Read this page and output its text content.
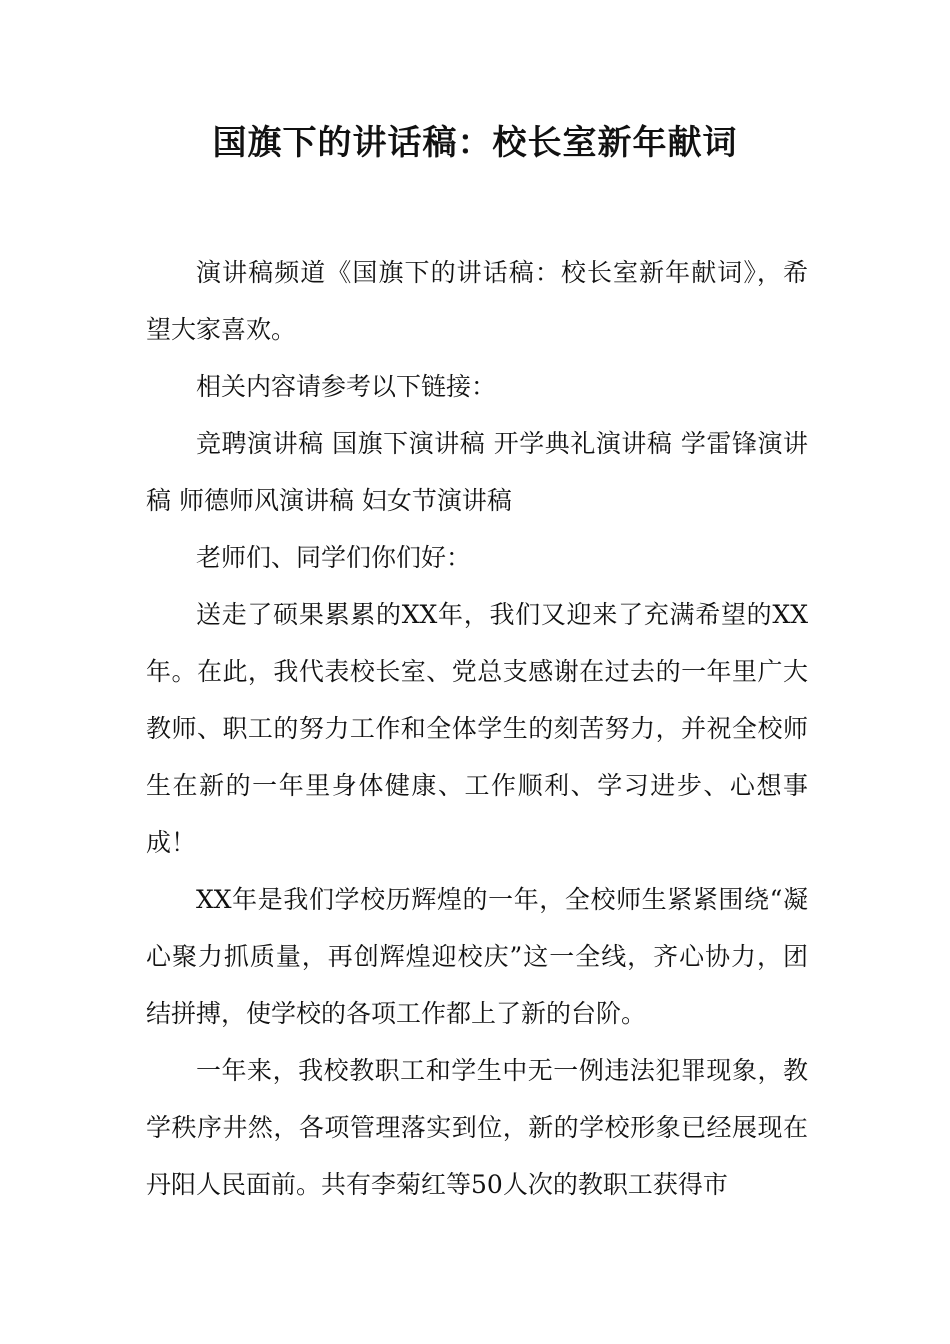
国旗下的讲话稿：校长室新年献词

演讲稿频道《国旗下的讲话稿：校长室新年献词》，希望大家喜欢。

相关内容请参考以下链接：

竞聘演讲稿 国旗下演讲稿 开学典礼演讲稿 学雷锋演讲稿 师德师风演讲稿 妇女节演讲稿

老师们、同学们你们好：

送走了硕果累累的XX年，我们又迎来了充满希望的XX年。在此，我代表校长室、党总支感谢在过去的一年里广大教师、职工的努力工作和全体学生的刻苦努力，并祝全校师生在新的一年里身体健康、工作顺利、学习进步、心想事成！

XX年是我们学校历辉煌的一年，全校师生紧紧围绕“凝心聚力抓质量，再创辉煌迎校庆”这一全线，齐心协力，团结拼搏，使学校的各项工作都上了新的台阶。

一年来，我校教职工和学生中无一例违法犯罪现象，教学秩序井然，各项管理落实到位，新的学校形象已经展现在丹阳人民面前。共有李菊红等50人次的教职工获得市
